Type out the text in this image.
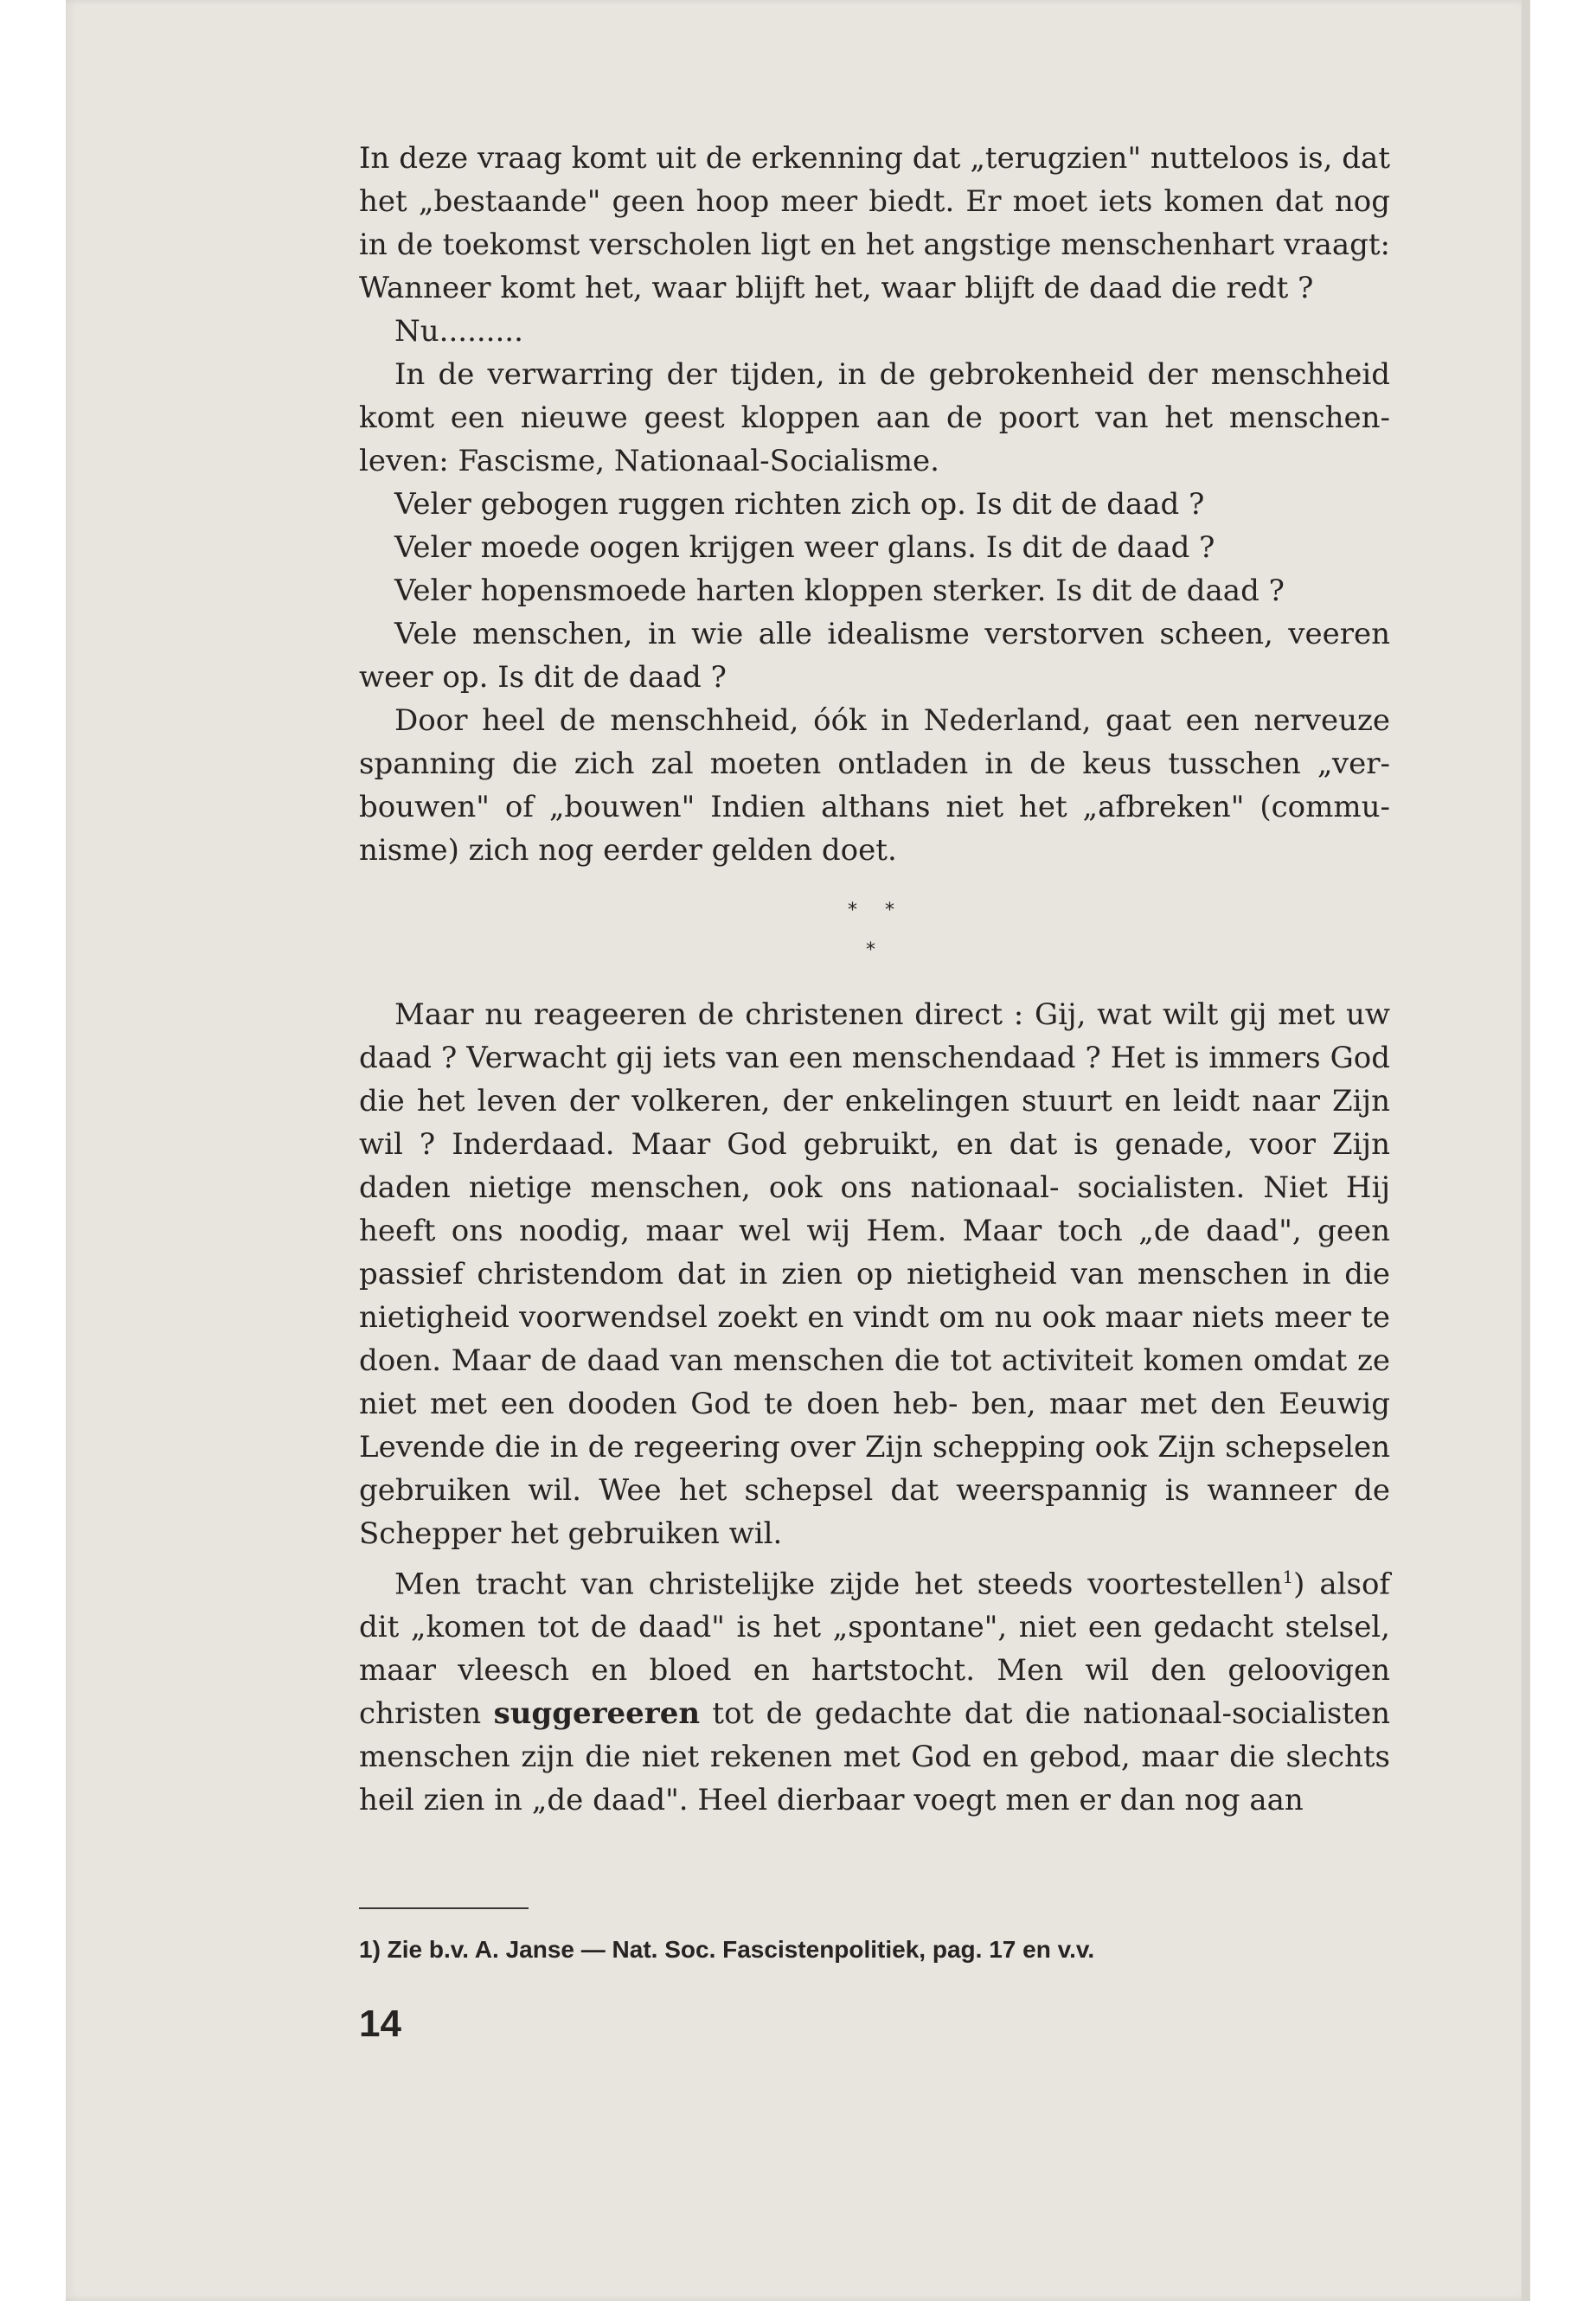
In deze vraag komt uit de erkenning dat „terugzien" nutteloos is, dat het „bestaande" geen hoop meer biedt. Er moet iets komen dat nog in de toekomst verscholen ligt en het angstige menschenhart vraagt: Wanneer komt het, waar blijft het, waar blijft de daad die redt ?

Nu.........

In de verwarring der tijden, in de gebrokenheid der menschheid komt een nieuwe geest kloppen aan de poort van het menschen- leven: Fascisme, Nationaal-Socialisme.

Veler gebogen ruggen richten zich op. Is dit de daad ?

Veler moede oogen krijgen weer glans. Is dit de daad ?

Veler hopensmoede harten kloppen sterker. Is dit de daad ?

Vele menschen, in wie alle idealisme verstorven scheen, veeren weer op. Is dit de daad ?

Door heel de menschheid, óók in Nederland, gaat een nerveuze spanning die zich zal moeten ontladen in de keus tusschen „ver- bouwen" of „bouwen" Indien althans niet het „afbreken" (commu- nisme) zich nog eerder gelden doet.

* *
*

Maar nu reageeren de christenen direct : Gij, wat wilt gij met uw daad ? Verwacht gij iets van een menschendaad ? Het is immers God die het leven der volkeren, der enkelingen stuurt en leidt naar Zijn wil ? Inderdaad. Maar God gebruikt, en dat is genade, voor Zijn daden nietige menschen, ook ons nationaal- socialisten. Niet Hij heeft ons noodig, maar wel wij Hem. Maar toch „de daad", geen passief christendom dat in zien op nietigheid van menschen in die nietigheid voorwendsel zoekt en vindt om nu ook maar niets meer te doen. Maar de daad van menschen die tot activiteit komen omdat ze niet met een dooden God te doen heb- ben, maar met den Eeuwig Levende die in de regeering over Zijn schepping ook Zijn schepselen gebruiken wil. Wee het schepsel dat weerspannig is wanneer de Schepper het gebruiken wil.

Men tracht van christelijke zijde het steeds voortestellen$^1$) alsof dit „komen tot de daad" is het „spontane", niet een gedacht stelsel, maar vleesch en bloed en hartstocht. Men wil den geloovigen christen suggereeren tot de gedachte dat die nationaal-socialisten menschen zijn die niet rekenen met God en gebod, maar die slechts heil zien in „de daad". Heel dierbaar voegt men er dan nog aan

1) Zie b.v. A. Janse — Nat. Soc. Fascistenpolitiek, pag. 17 en v.v.
14
